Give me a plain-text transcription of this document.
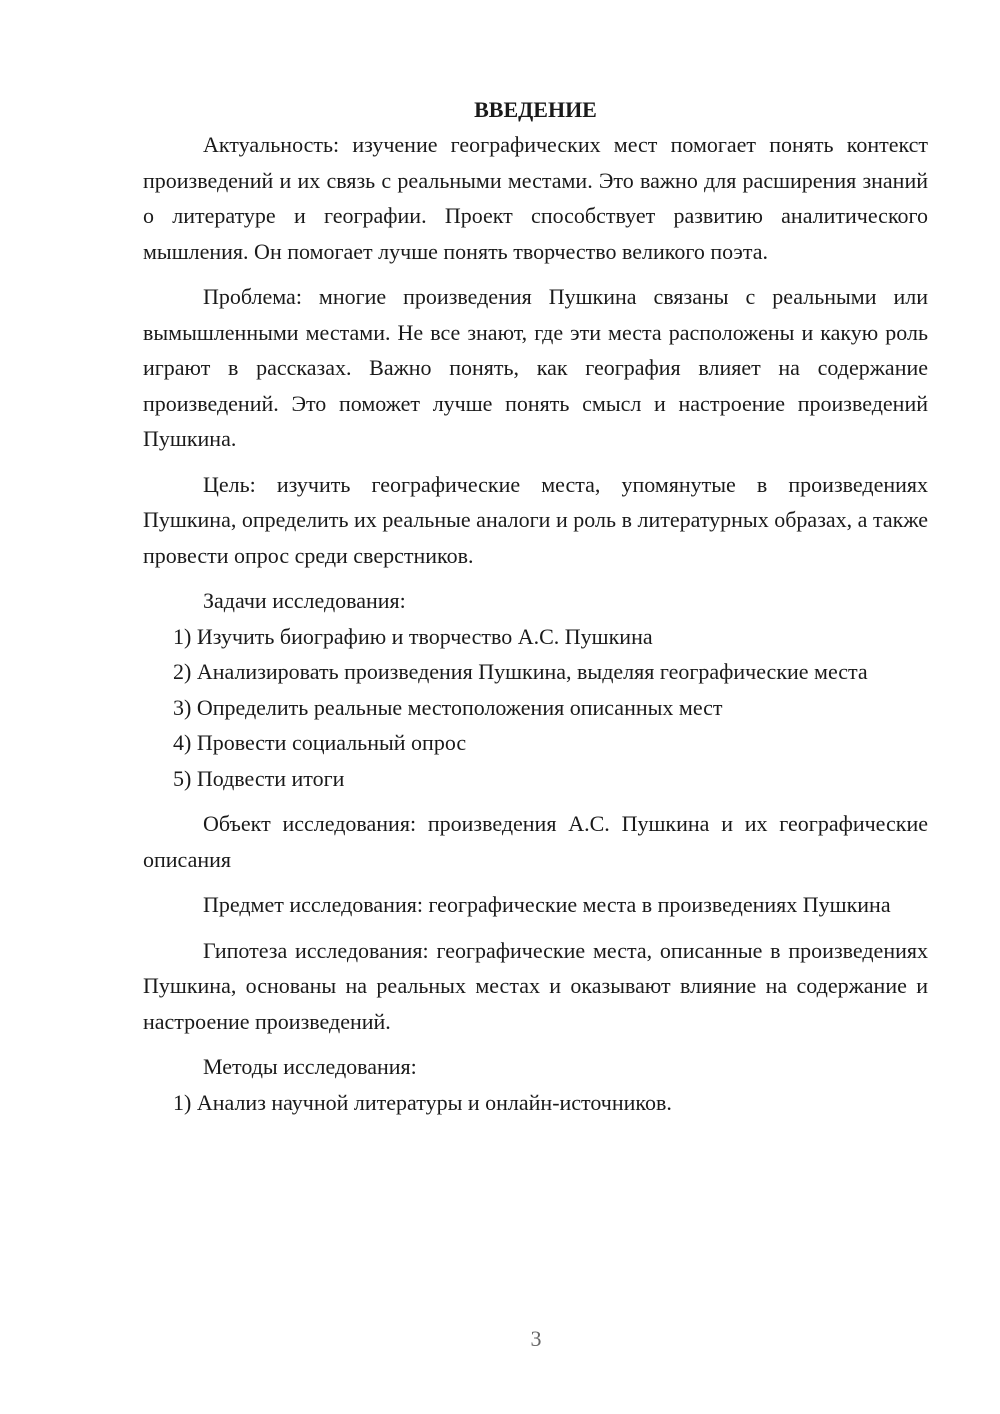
ВВЕДЕНИЕ

Актуальность: изучение географических мест помогает понять контекст произведений и их связь с реальными местами. Это важно для расширения знаний о литературе и географии. Проект способствует развитию аналитического мышления. Он помогает лучше понять творчество великого поэта.

Проблема: многие произведения Пушкина связаны с реальными или вымышленными местами. Не все знают, где эти места расположены и какую роль играют в рассказах. Важно понять, как география влияет на содержание произведений. Это поможет лучше понять смысл и настроение произведений Пушкина.

Цель: изучить географические места, упомянутые в произведениях Пушкина, определить их реальные аналоги и роль в литературных образах, а также провести опрос среди сверстников.

Задачи исследования:

1) Изучить биографию и творчество А.С. Пушкина

2) Анализировать произведения Пушкина, выделяя географические места

3) Определить реальные местоположения описанных мест

4) Провести социальный опрос

5) Подвести итоги

Объект исследования: произведения А.С. Пушкина и их географические описания

Предмет исследования: географические места в произведениях Пушкина

Гипотеза исследования: географические места, описанные в произведениях Пушкина, основаны на реальных местах и оказывают влияние на содержание и настроение произведений.

Методы исследования:

1) Анализ научной литературы и онлайн-источников.

3
